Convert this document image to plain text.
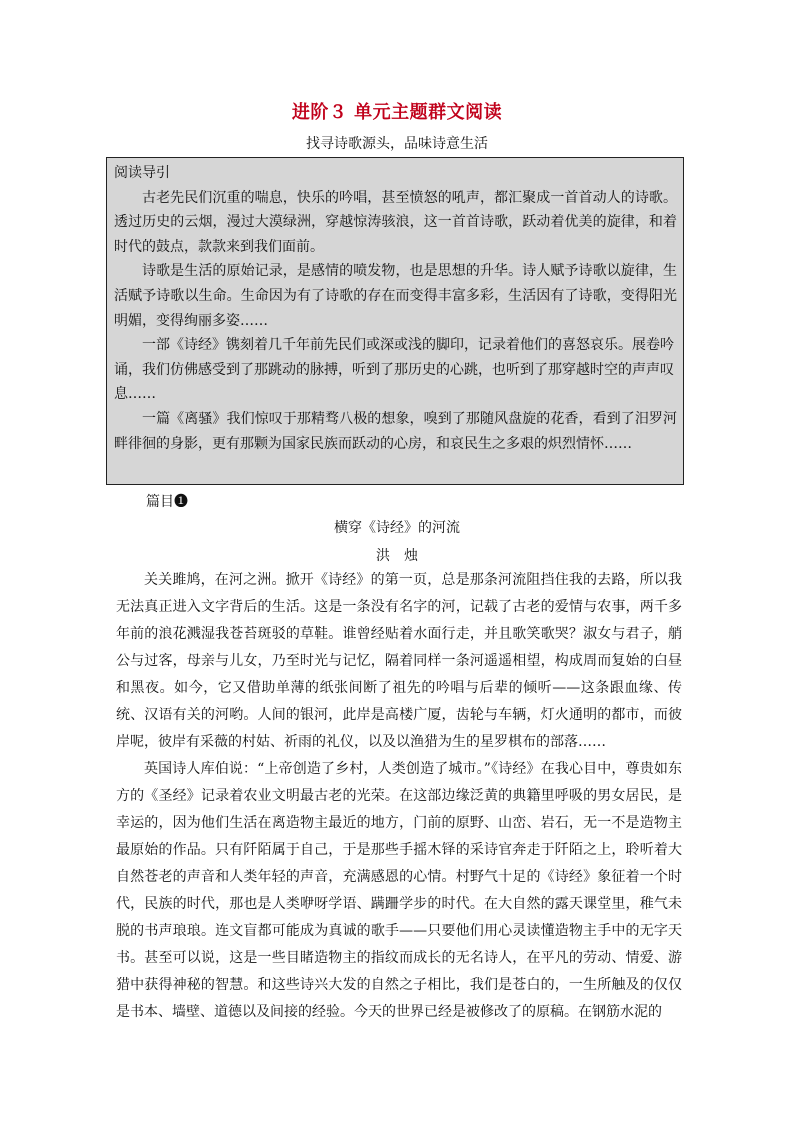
进阶３ 单元主题群文阅读
找寻诗歌源头，品味诗意生活
阅读导引

古老先民们沉重的喘息，快乐的吟唱，甚至愤怒的吼声，都汇聚成一首首动人的诗歌。透过历史的云烟，漫过大漠绿洲，穿越惊涛骇浪，这一首首诗歌，跃动着优美的旋律，和着时代的鼓点，款款来到我们面前。

诗歌是生活的原始记录，是感情的喷发物，也是思想的升华。诗人赋予诗歌以旋律，生活赋予诗歌以生命。生命因为有了诗歌的存在而变得丰富多彩，生活因有了诗歌，变得阳光明媚，变得绚丽多姿……

一部《诗经》镌刻着几千年前先民们或深或浅的脚印，记录着他们的喜怒哀乐。展卷吟诵，我们仿佛感受到了那跳动的脉搏，听到了那历史的心跳，也听到了那穿越时空的声声叹息……

一篇《离骚》我们惊叹于那精骛八极的想象，嗅到了那随风盘旋的花香，看到了汨罗河畔徘徊的身影，更有那颗为国家民族而跃动的心房，和哀民生之多艰的炽烈情怀……

篇目❶
横穿《诗经》的河流
洪烛

关关雎鸠，在河之洲。掀开《诗经》的第一页，总是那条河流阻挡住我的去路，所以我无法真正进入文字背后的生活。这是一条没有名字的河，记载了古老的爱情与农事，两千多年前的浪花溅湿我苍苔斑驳的草鞋。谁曾经贴着水面行走，并且歌笑歌哭？淑女与君子，艄公与过客，母亲与儿女，乃至时光与记忆，隔着同样一条河遥遥相望，构成周而复始的白昼和黑夜。如今，它又借助单薄的纸张间断了祖先的吟唱与后辈的倾听——这条跟血缘、传统、汉语有关的河哟。人间的银河，此岸是高楼广厦，齿轮与车辆，灯火通明的都市，而彼岸呢，彼岸有采薇的村姑、祈雨的礼仪，以及以渔猎为生的星罗棋布的部落……

英国诗人库伯说：“上帝创造了乡村，人类创造了城市。”《诗经》在我心目中，尊贵如东方的《圣经》记录着农业文明最古老的光荣。在这部边缘泛黄的典籍里呼吸的男女居民，是幸运的，因为他们生活在离造物主最近的地方，门前的原野、山峦、岩石，无一不是造物主最原始的作品。只有阡陌属于自己，于是那些手摇木铎的采诗官奔走于阡陌之上，聆听着大自然苍老的声音和人类年轻的声音，充满感恩的心情。村野气十足的《诗经》象征着一个时代，民族的时代，那也是人类咿呀学语、蹒跚学步的时代。在大自然的露天课堂里，稚气未脱的书声琅琅。连文盲都可能成为真诚的歌手——只要他们用心灵读懂造物主手中的无字天书。甚至可以说，这是一些目睹造物主的指纹而成长的无名诗人，在平凡的劳动、情爱、游猎中获得神秘的智慧。和这些诗兴大发的自然之子相比，我们是苍白的，一生所触及的仅仅是书本、墙壁、道德以及间接的经验。今天的世界已经是被修改了的原稿。在钢筋水泥的
